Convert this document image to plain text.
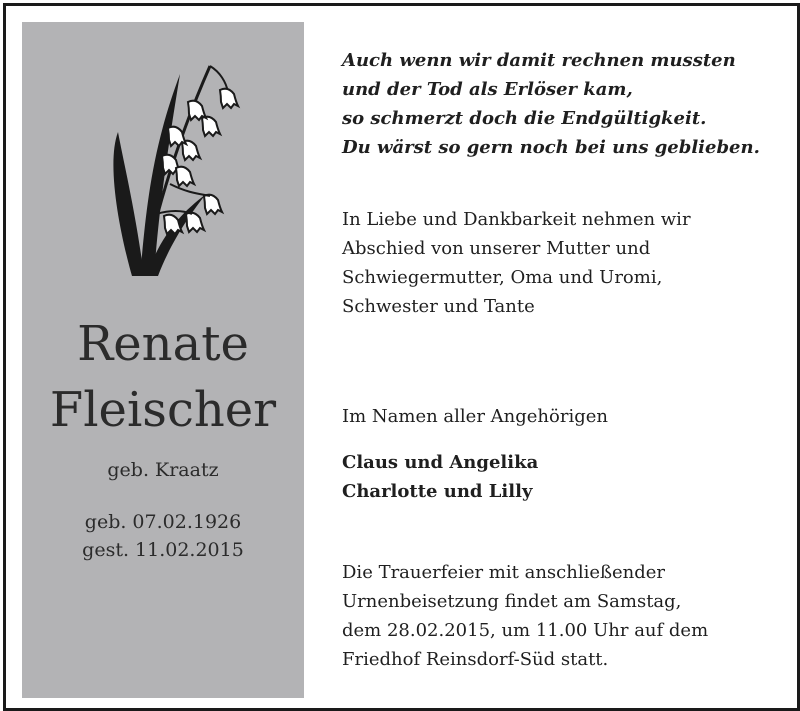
Renate
Fleischer
geb. Kraatz
geb. 07.02.1926
gest. 11.02.2015
Auch wenn wir damit rechnen mussten
und der Tod als Erlöser kam,
so schmerzt doch die Endgültigkeit.
Du wärst so gern noch bei uns geblieben.
In Liebe und Dankbarkeit nehmen wir
Abschied von unserer Mutter und
Schwiegermutter, Oma und Uromi,
Schwester und Tante
Im Namen aller Angehörigen
Claus und Angelika
Charlotte und Lilly
Die Trauerfeier mit anschließender
Urnenbeisetzung findet am Samstag,
dem 28.02.2015, um 11.00 Uhr auf dem
Friedhof Reinsdorf-Süd statt.
